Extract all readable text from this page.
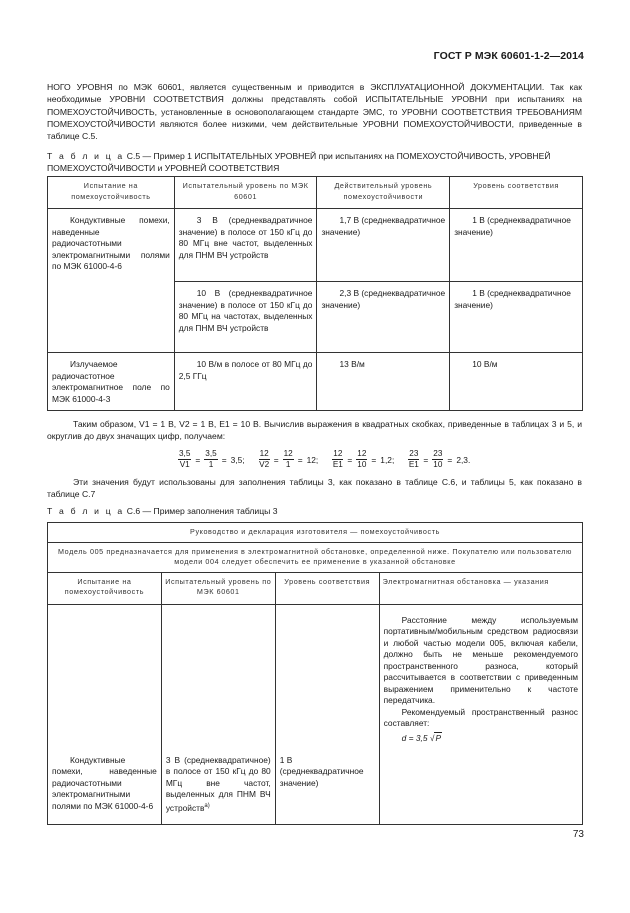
ГОСТ Р МЭК 60601-1-2—2014
НОГО УРОВНЯ по МЭК 60601, является существенным и приводится в ЭКСПЛУАТАЦИОННОЙ ДОКУМЕНТАЦИИ. Так как необходимые УРОВНИ СООТВЕТСТВИЯ должны представлять собой ИСПЫТАТЕЛЬНЫЕ УРОВНИ при испытаниях на ПОМЕХОУСТОЙЧИВОСТЬ, установленные в основополагающем стандарте ЭМС, то УРОВНИ СООТВЕТСТВИЯ ТРЕБОВАНИЯМ ПОМЕХОУСТОЙЧИВОСТИ являются более низкими, чем действительные УРОВНИ ПОМЕХОУСТОЙЧИВОСТИ, приведенные в таблице С.5.
Т а б л и ц а С.5 — Пример 1 ИСПЫТАТЕЛЬНЫХ УРОВНЕЙ при испытаниях на ПОМЕХОУСТОЙЧИВОСТЬ, УРОВНЕЙ ПОМЕХОУСТОЙЧИВОСТИ и УРОВНЕЙ СООТВЕТСТВИЯ
Испытание на помехоустойчивость	Испытательный уровень по МЭК 60601	Действительный уровень помехоустойчивости	Уровень соответствия
Кондуктивные помехи, наведенные радиочастотными электромагнитными полями по МЭК 61000-4-6	3 В (среднеквадратичное значение) в полосе от 150 кГц до 80 МГц вне частот, выделенных для ПНМ ВЧ устройств	1,7 В (среднеквадратичное значение)	1 В (среднеквадратичное значение)
	10 В (среднеквадратичное значение) в полосе от 150 кГц до 80 МГц на частотах, выделенных для ПНМ ВЧ устройств	2,3 В (среднеквадратичное значение)	1 В (среднеквадратичное значение)
Излучаемое радиочастотное электромагнитное поле по МЭК 61000-4-3	10 В/м в полосе от 80 МГц до 2,5 ГГц	13 В/м	10 В/м
Таким образом, V1 = 1 В, V2 = 1 В, E1 = 10 В. Вычислив выражения в квадратных скобках, приведенные в таблицах 3 и 5, и округлив до двух значащих цифр, получаем:
$\frac{3,5}{V1} = \frac{3,5}{1} = 3,5$; $\frac{12}{V2} = \frac{12}{1} = 12$; $\frac{12}{E1} = \frac{12}{10} = 1,2$; $\frac{23}{E1} = \frac{23}{10} = 2,3$.
Эти значения будут использованы для заполнения таблицы 3, как показано в таблице С.6, и таблицы 5, как показано в таблице С.7
Т а б л и ц а С.6 — Пример заполнения таблицы 3
Руководство и декларация изготовителя — помехоустойчивость			
Модель 005 предназначается для применения в электромагнитной обстановке, определенной ниже. Покупателю или пользователю модели 004 следует обеспечить ее применение в указанной обстановке			
Испытание на помехоустойчивость	Испытательный уровень по МЭК 60601	Уровень соответствия	Электромагнитная обстановка — указания
Кондуктивные помехи, наведенные радиочастотными электромагнитными полями по МЭК 61000-4-6	3 В (среднеквадратичное) в полосе от 150 кГц до 80 МГц вне частот, выделенных для ПНМ ВЧ устройств$^{а)}$	1 В (среднеквадратичное значение)	Расстояние между используемым портативным/мобильным средством радиосвязи и любой частью модели 005, включая кабели, должно быть не меньше рекомендуемого пространственного разноса, который рассчитывается в соответствии с приведенным выражением применительно к частоте передатчика.
Рекомендуемый пространственный разнос составляет:
d = 3,5 √P
73
